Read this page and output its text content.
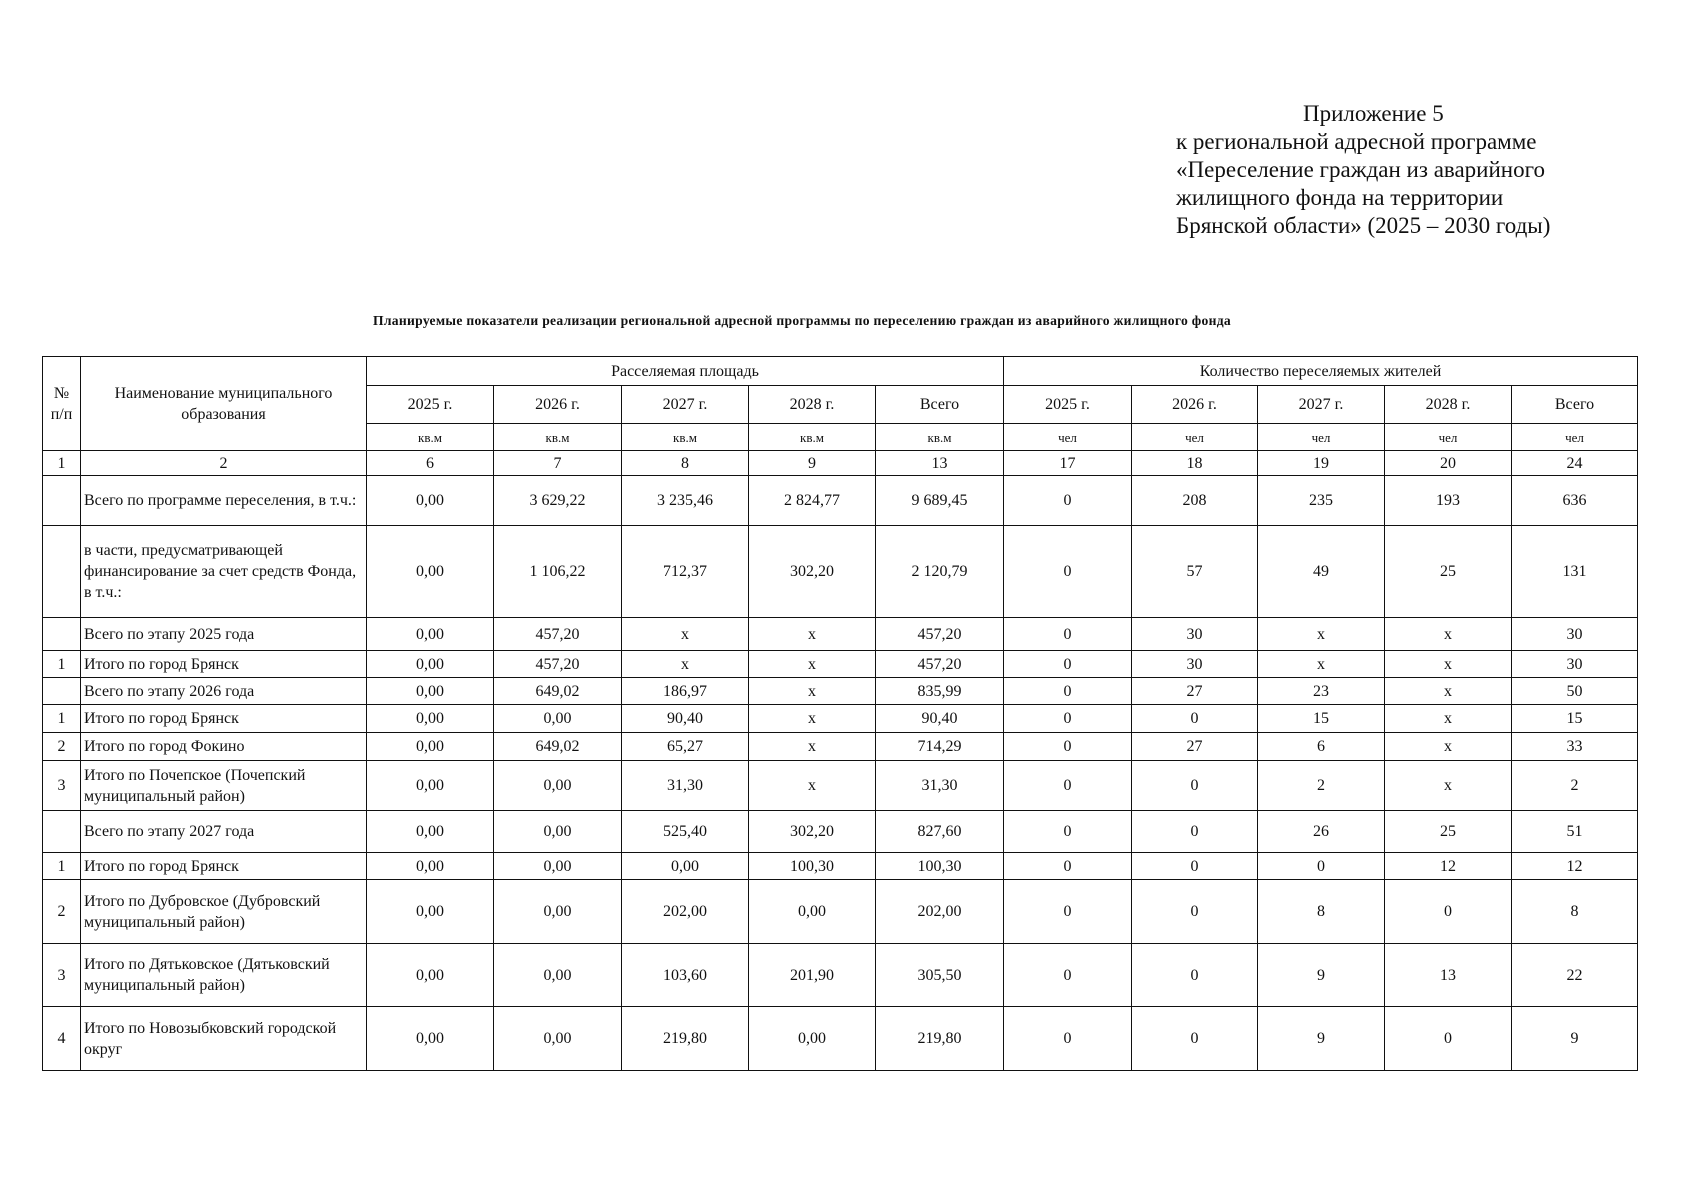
Приложение 5
к региональной адресной программе
«Переселение граждан из аварийного
жилищного фонда на территории
Брянской области» (2025 – 2030 годы)
Планируемые показатели реализации региональной адресной программы по переселению граждан из аварийного жилищного фонда
№ п/п	Наименование муниципального образования	Расселяемая площадь					Количество переселяемых жителей				
		2025 г.	2026 г.	2027 г.	2028 г.	Всего	2025 г.	2026 г.	2027 г.	2028 г.	Всего
		кв.м	кв.м	кв.м	кв.м	кв.м	чел	чел	чел	чел	чел
1	2	6	7	8	9	13	17	18	19	20	24
	Всего по программе переселения, в т.ч.:	0,00	3 629,22	3 235,46	2 824,77	9 689,45	0	208	235	193	636
	в части, предусматривающей финансирование за счет средств Фонда, в т.ч.:	0,00	1 106,22	712,37	302,20	2 120,79	0	57	49	25	131
	Всего по этапу 2025 года	0,00	457,20	x	x	457,20	0	30	x	x	30
1	Итого по город Брянск	0,00	457,20	x	x	457,20	0	30	x	x	30
	Всего по этапу 2026 года	0,00	649,02	186,97	x	835,99	0	27	23	x	50
1	Итого по город Брянск	0,00	0,00	90,40	x	90,40	0	0	15	x	15
2	Итого по город Фокино	0,00	649,02	65,27	x	714,29	0	27	6	x	33
3	Итого по Почепское (Почепский муниципальный район)	0,00	0,00	31,30	x	31,30	0	0	2	x	2
	Всего по этапу 2027 года	0,00	0,00	525,40	302,20	827,60	0	0	26	25	51
1	Итого по город Брянск	0,00	0,00	0,00	100,30	100,30	0	0	0	12	12
2	Итого по Дубровское (Дубровский муниципальный район)	0,00	0,00	202,00	0,00	202,00	0	0	8	0	8
3	Итого по Дятьковское (Дятьковский муниципальный район)	0,00	0,00	103,60	201,90	305,50	0	0	9	13	22
4	Итого по Новозыбковский городской округ	0,00	0,00	219,80	0,00	219,80	0	0	9	0	9
